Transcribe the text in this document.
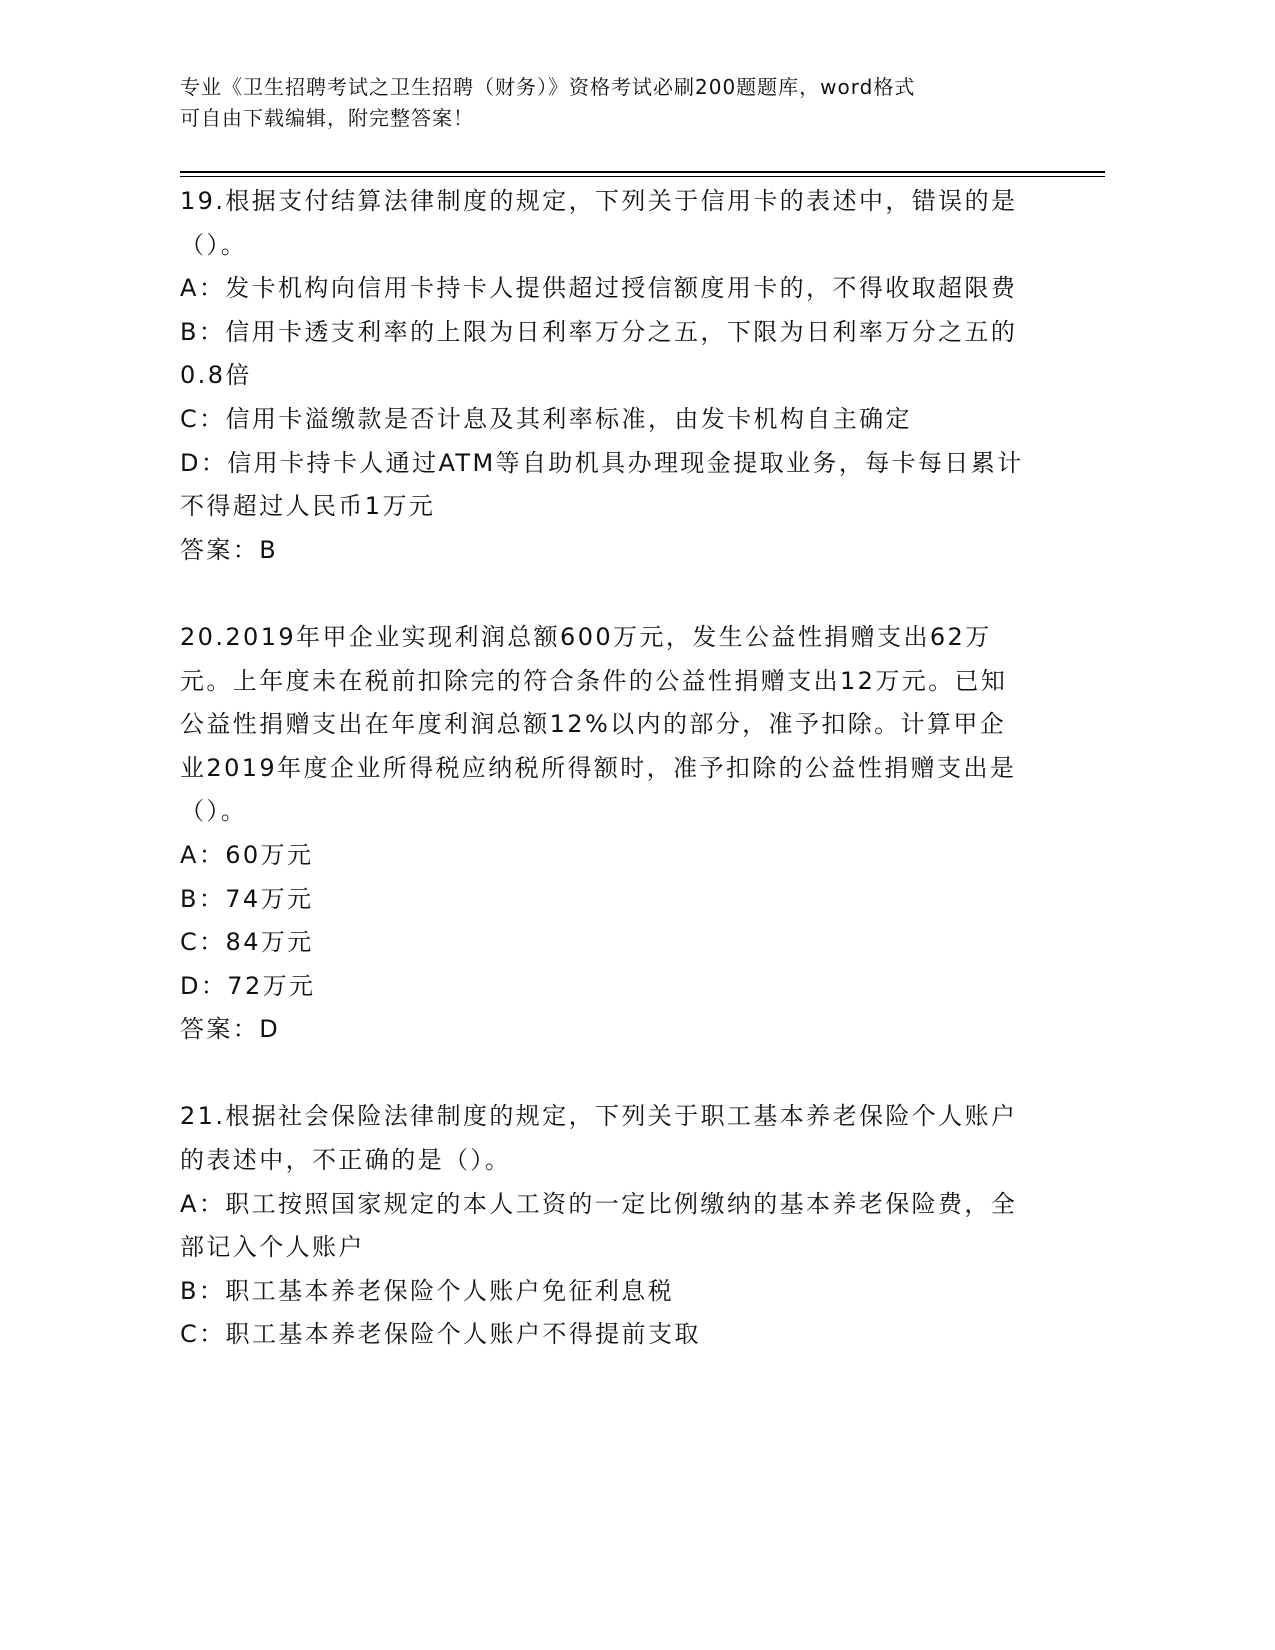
专业《卫生招聘考试之卫生招聘（财务）》资格考试必刷200题题库，word格式
可自由下载编辑，附完整答案！

19.根据支付结算法律制度的规定，下列关于信用卡的表述中，错误的是（）。

A：发卡机构向信用卡持卡人提供超过授信额度用卡的，不得收取超限费

B：信用卡透支利率的上限为日利率万分之五，下限为日利率万分之五的0.8倍

C：信用卡溢缴款是否计息及其利率标准，由发卡机构自主确定

D：信用卡持卡人通过ATM等自助机具办理现金提取业务，每卡每日累计不得超过人民币1万元

答案：B

20.2019年甲企业实现利润总额600万元，发生公益性捐赠支出62万元。上年度未在税前扣除完的符合条件的公益性捐赠支出12万元。已知公益性捐赠支出在年度利润总额12%以内的部分，准予扣除。计算甲企业2019年度企业所得税应纳税所得额时，准予扣除的公益性捐赠支出是（）。

A：60万元

B：74万元

C：84万元

D：72万元

答案：D

21.根据社会保险法律制度的规定，下列关于职工基本养老保险个人账户的表述中，不正确的是（）。

A：职工按照国家规定的本人工资的一定比例缴纳的基本养老保险费，全部记入个人账户

B：职工基本养老保险个人账户免征利息税

C：职工基本养老保险个人账户不得提前支取
